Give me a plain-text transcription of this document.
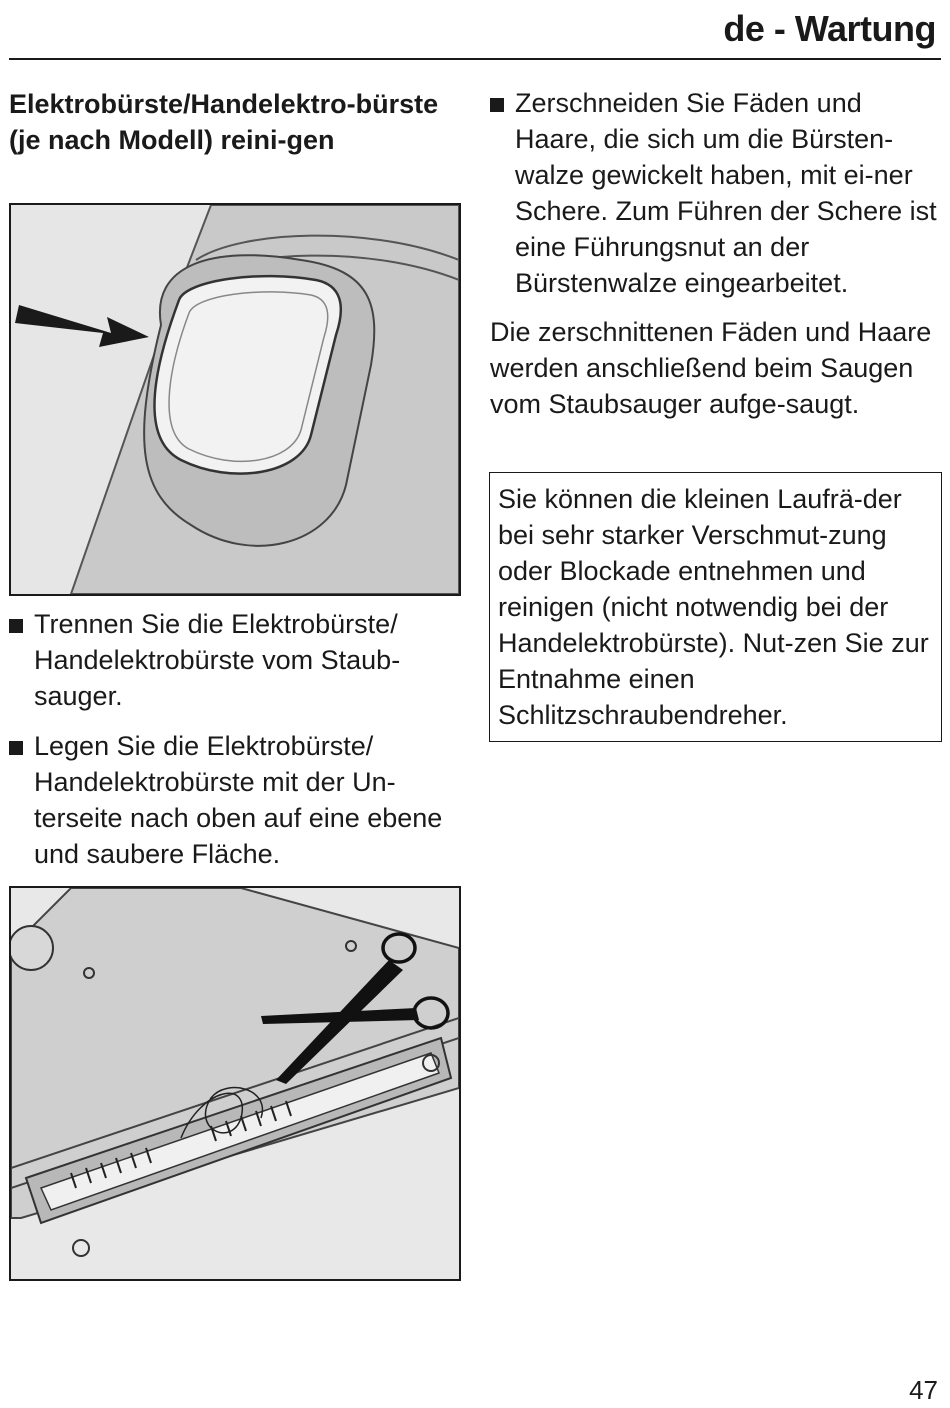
de - Wartung
Elektrobürste/Handelektro-bürste (je nach Modell) reini-gen

Trennen Sie die Elektrobürste/ Handelektrobürste vom Staub-sauger.

Legen Sie die Elektrobürste/ Handelektrobürste mit der Un-terseite nach oben auf eine ebene und saubere Fläche.

Zerschneiden Sie Fäden und Haare, die sich um die Bürsten-walze gewickelt haben, mit ei-ner Schere. Zum Führen der Schere ist eine Führungsnut an der Bürstenwalze eingearbeitet.

Die zerschnittenen Fäden und Haare werden anschließend beim Saugen vom Staubsauger aufge-saugt.

Sie können die kleinen Laufrä-der bei sehr starker Verschmut-zung oder Blockade entnehmen und reinigen (nicht notwendig bei der Handelektrobürste). Nut-zen Sie zur Entnahme einen Schlitzschraubendreher.

47
